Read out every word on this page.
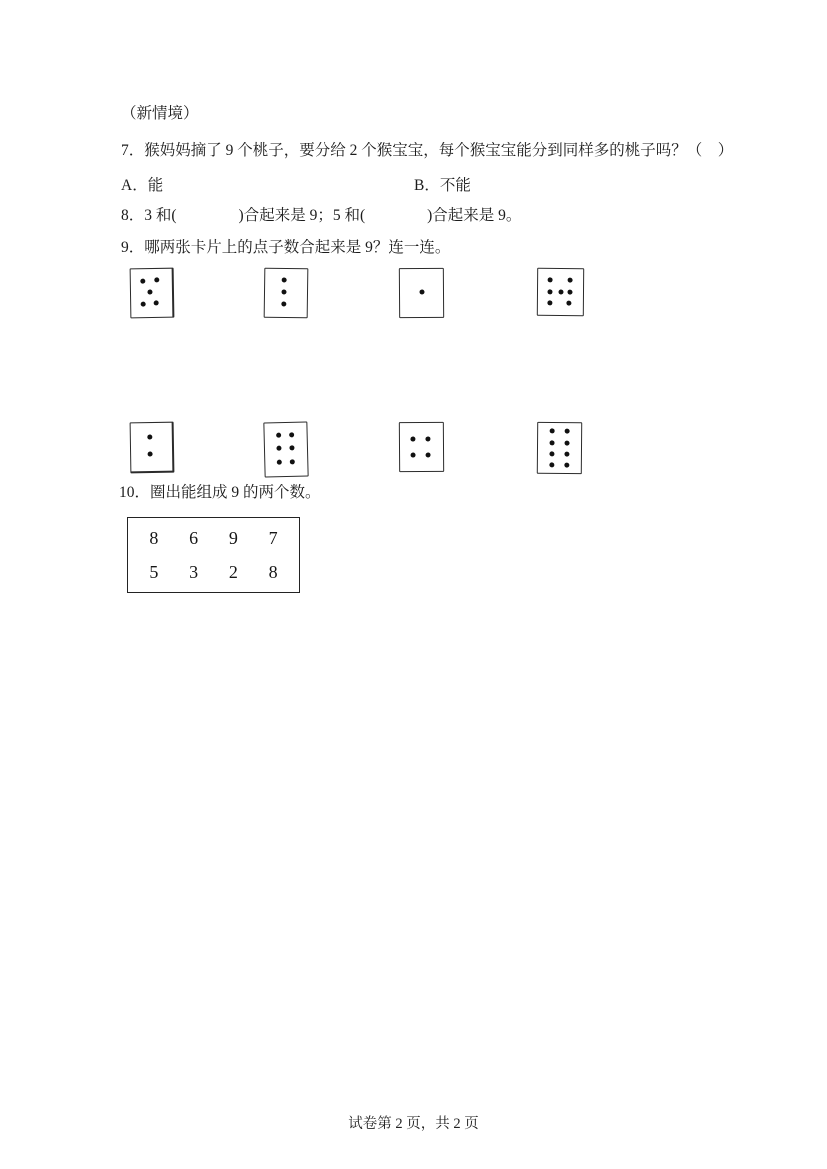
（新情境）
7．猴妈妈摘了 9 个桃子，要分给 2 个猴宝宝，每个猴宝宝能分到同样多的桃子吗？（　）
A．能	B．不能
8．3 和(　　　　)合起来是 9；5 和(　　　　)合起来是 9。
9．哪两张卡片上的点子数合起来是 9？连一连。
10．圈出能组成 9 的两个数。
8 6 9 7
5 3 2 8
试卷第 2 页，共 2 页
